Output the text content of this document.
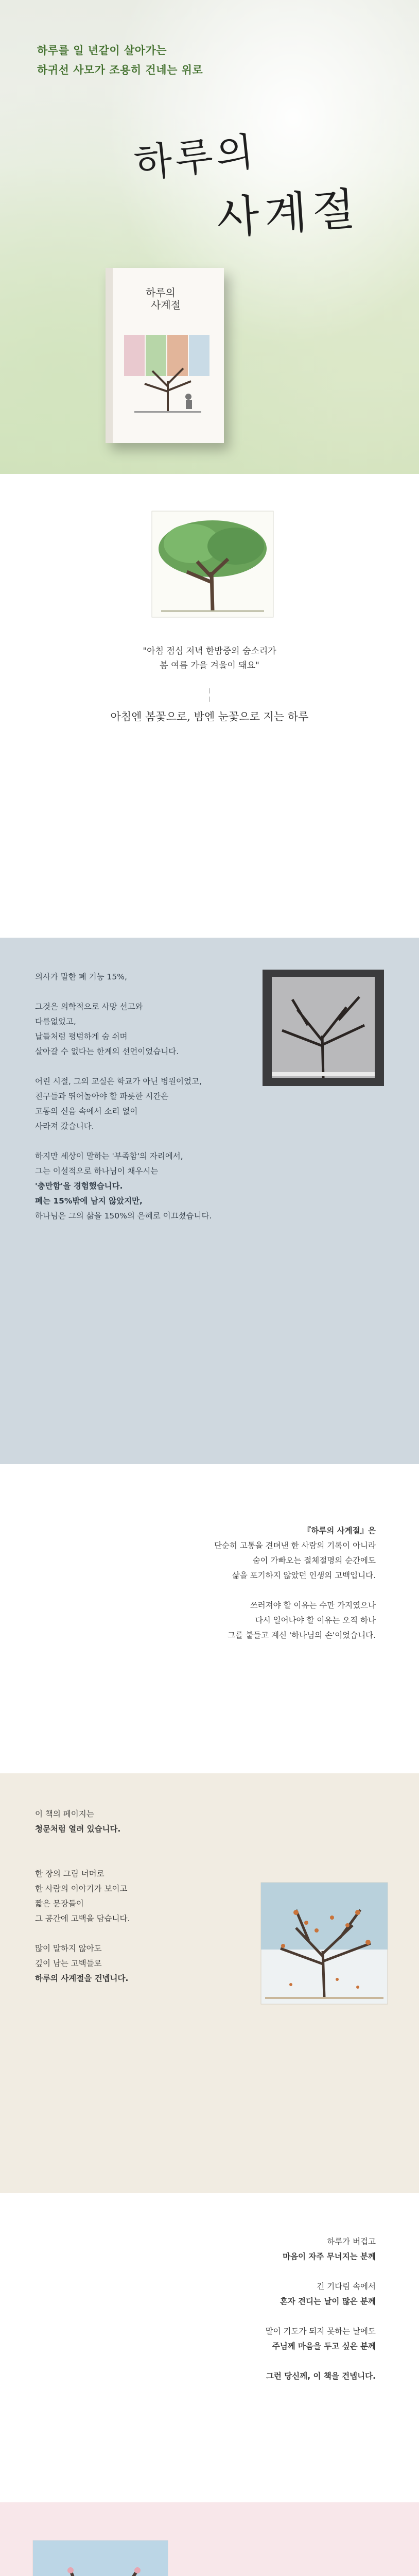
하루를 일 년같이 살아가는

하귀선 사모가 조용히 건네는 위로

하루의
사계절
하루의
사계절

"아침 점심 저녁 한밤중의 숨소리가
봄 여름 가을 겨울이 돼요"

아침엔 봄꽃으로, 밤엔 눈꽃으로 지는 하루

의사가 말한 폐 기능 15%,

그것은 의학적으로 사망 선고와
다름없었고,
날들처럼 평범하게 숨 쉬며
살아갈 수 없다는 한계의 선언이었습니다.

어린 시절, 그의 교실은 학교가 아닌 병원이었고,
친구들과 뛰어놀아야 할 파릇한 시간은
고통의 신음 속에서 소리 없이
사라져 갔습니다.

하지만 세상이 말하는 '부족함'의 자리에서,
그는 이설적으로 하나님이 채우시는
'충만함'을 경험했습니다.
폐는 15%밖에 남지 않았지만,
하나님은 그의 삶을 150%의 은혜로 이끄셨습니다.
『하루의 사계절』은
단순히 고통을 견뎌낸 한 사람의 기록이 아니라
숨이 가빠오는 절체절명의 순간에도
삶을 포기하지 않았던 인생의 고백입니다.

쓰러져야 할 이유는 수만 가지였으나
다시 일어나야 할 이유는 오직 하나
그를 붙들고 계신 '하나님의 손'이었습니다.
이 책의 페이지는
청문처럼 열려 있습니다.

한 장의 그림 너머로
한 사람의 이야기가 보이고
짧은 문장들이
그 공간에 고백을 담습니다.

많이 말하지 않아도
깊이 남는 고백들로
하루의 사계절을 건넵니다.
하루가 버겁고
마음이 자주 무너지는 분께

긴 기다림 속에서
혼자 견디는 날이 많은 분께

말이 기도가 되지 못하는 날에도
주님께 마음을 두고 싶은 분께

그런 당신께, 이 책을 건넵니다.
